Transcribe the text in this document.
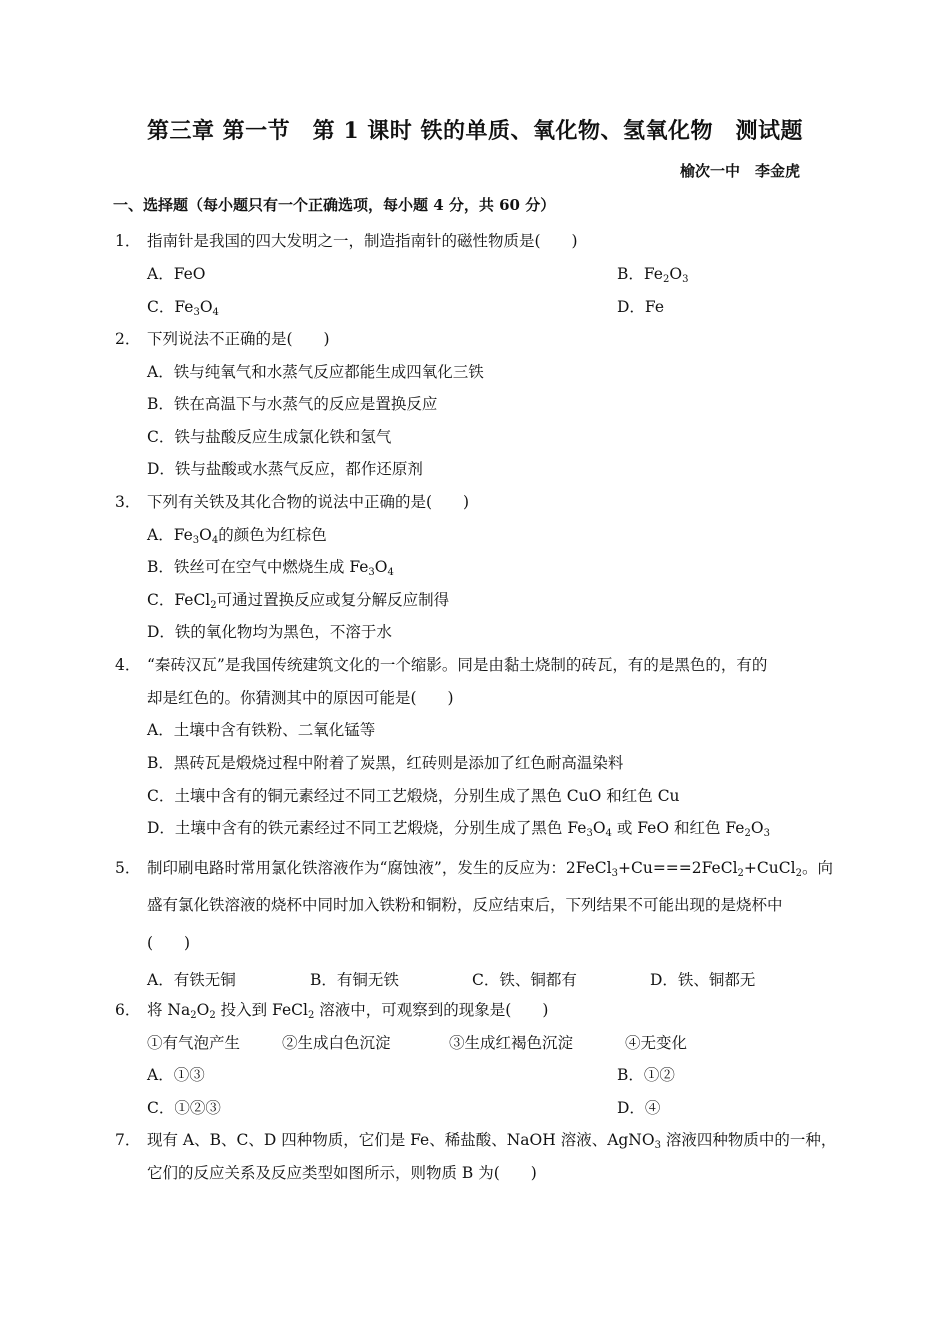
第三章 第一节　第 1 课时 铁的单质、氧化物、氢氧化物　测试题
榆次一中　李金虎
一、选择题（每小题只有一个正确选项，每小题 4 分，共 60 分）
1． 指南针是我国的四大发明之一，制造指南针的磁性物质是(　　)
A．FeO	B．$Fe_2O_3$
C．$Fe_3O_4$	D．Fe
2． 下列说法不正确的是(　　)
A．铁与纯氧气和水蒸气反应都能生成四氧化三铁
B．铁在高温下与水蒸气的反应是置换反应
C．铁与盐酸反应生成氯化铁和氢气
D．铁与盐酸或水蒸气反应，都作还原剂
3． 下列有关铁及其化合物的说法中正确的是(　　)
A．$Fe_3O_4$的颜色为红棕色
B．铁丝可在空气中燃烧生成 $Fe_3O_4$
C．FeCl$_2$可通过置换反应或复分解反应制得
D．铁的氧化物均为黑色，不溶于水
4． “秦砖汉瓦”是我国传统建筑文化的一个缩影。同是由黏土烧制的砖瓦，有的是黑色的，有的
却是红色的。你猜测其中的原因可能是(　　)
A．土壤中含有铁粉、二氧化锰等
B．黑砖瓦是煅烧过程中附着了炭黑，红砖则是添加了红色耐高温染料
C．土壤中含有的铜元素经过不同工艺煅烧，分别生成了黑色 CuO 和红色 Cu
D．土壤中含有的铁元素经过不同工艺煅烧，分别生成了黑色 $Fe_3O_4$ 或 FeO 和红色 $Fe_2O_3$
5． 制印刷电路时常用氯化铁溶液作为“腐蚀液”，发生的反应为：2FeCl$_3$+Cu===2FeCl$_2$+CuCl$_2$。向
盛有氯化铁溶液的烧杯中同时加入铁粉和铜粉，反应结束后，下列结果不可能出现的是烧杯中
(　　)
A．有铁无铜	B．有铜无铁	C．铁、铜都有	D．铁、铜都无
6． 将 $Na_2O_2$ 投入到 FeCl$_2$ 溶液中，可观察到的现象是(　　)
①有气泡产生	②生成白色沉淀	③生成红褐色沉淀	④无变化
A．①③	B．①②
C．①②③	D．④
7． 现有 A、B、C、D 四种物质，它们是 Fe、稀盐酸、NaOH 溶液、AgNO$_3$ 溶液四种物质中的一种，
它们的反应关系及反应类型如图所示，则物质 B 为(　　)
